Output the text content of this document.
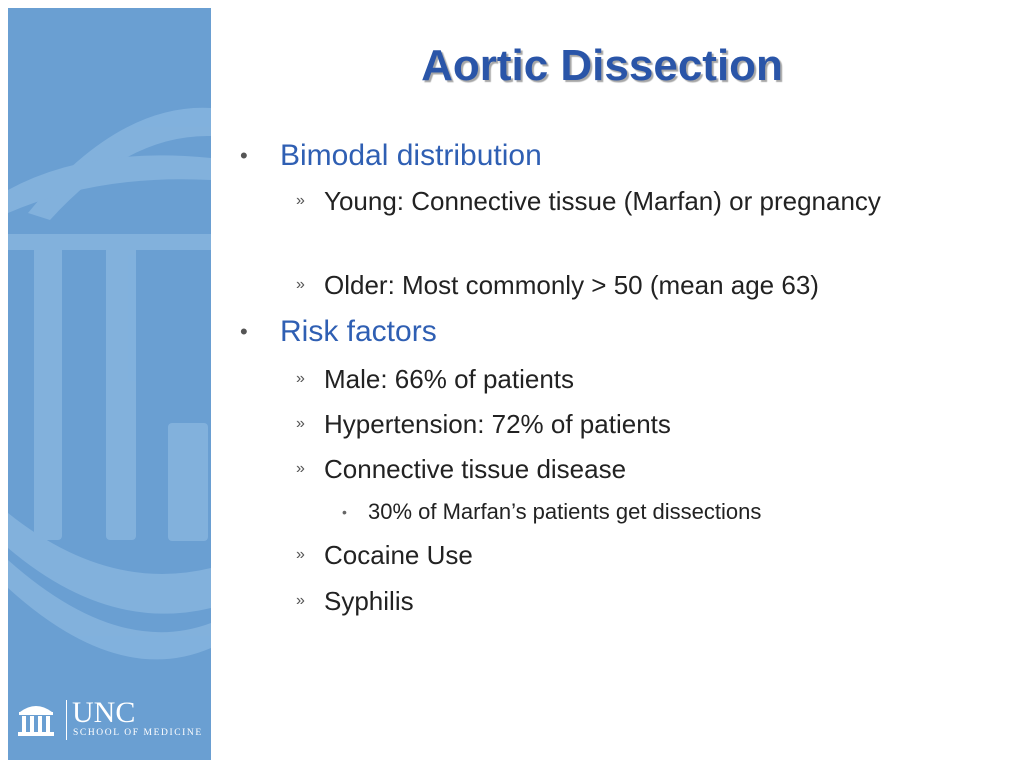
UNC
SCHOOL OF MEDICINE
Aortic Dissection
• Bimodal distribution
» Young: Connective tissue (Marfan) or pregnancy
» Older: Most commonly > 50 (mean age 63)
• Risk factors
» Male: 66% of patients
» Hypertension: 72% of patients
» Connective tissue disease
• 30% of Marfan’s patients get dissections
» Cocaine Use
» Syphilis
